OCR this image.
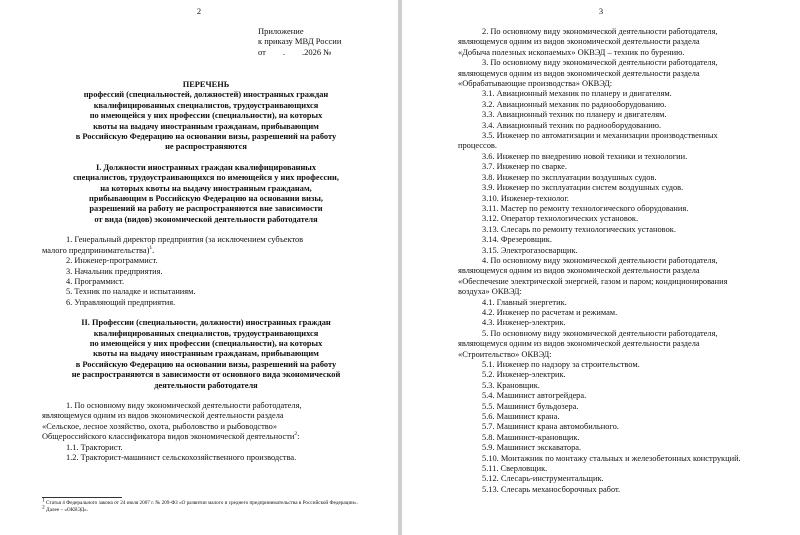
2
Приложение
к приказу МВД России
от        .        .2026 №
ПЕРЕЧЕНЬ
профессий (специальностей, должностей) иностранных граждан
квалифицированных специалистов, трудоустраивающихся
по имеющейся у них профессии (специальности), на которых
квоты на выдачу иностранным гражданам, прибывающим
в Российскую Федерацию на основании визы, разрешений на работу
не распространяются
I. Должности иностранных граждан квалифицированных
специалистов, трудоустраивающихся по имеющейся у них профессии,
на которых квоты на выдачу иностранным гражданам,
прибывающим в Российскую Федерацию на основании визы,
разрешений на работу не распространяются вне зависимости
от вида (видов) экономической деятельности работодателя
1. Генеральный директор предприятия (за исключением субъектов
малого предпринимательства)$^1$.
2. Инженер-программист.
3. Начальник предприятия.
4. Программист.
5. Техник по наладке и испытаниям.
6. Управляющий предприятия.
II. Профессии (специальности, должности) иностранных граждан
квалифицированных специалистов, трудоустраивающихся
по имеющейся у них профессии (специальности), на которых
квоты на выдачу иностранным гражданам, прибывающим
в Российскую Федерацию на основании визы, разрешений на работу
не распространяются в зависимости от основного вида экономической
деятельности работодателя
1. По основному виду экономической деятельности работодателя,
являющемуся одним из видов экономической деятельности раздела
«Сельское, лесное хозяйство, охота, рыболовство и рыбоводство»
Общероссийского классификатора видов экономической деятельности$^2$:
1.1. Тракторист.
1.2. Тракторист-машинист сельскохозяйственного производства.
1 Статья 4 Федерального закона от 24 июля 2007 г. № 209-ФЗ «О развитии малого и среднего предпринимательства в Российской Федерации».
2 Далее – «ОКВЭД».
3
2. По основному виду экономической деятельности работодателя,
являющемуся одним из видов экономической деятельности раздела
«Добыча полезных ископаемых» ОКВЭД – техник по бурению.
3. По основному виду экономической деятельности работодателя,
являющемуся одним из видов экономической деятельности раздела
«Обрабатывающие производства» ОКВЭД:
3.1. Авиационный механик по планеру и двигателям.
3.2. Авиационный механик по радиооборудованию.
3.3. Авиационный техник по планеру и двигателям.
3.4. Авиационный техник по радиооборудованию.
3.5. Инженер по автоматизации и механизации производственных
процессов.
3.6. Инженер по внедрению новой техники и технологии.
3.7. Инженер по сварке.
3.8. Инженер по эксплуатации воздушных судов.
3.9. Инженер по эксплуатации систем воздушных судов.
3.10. Инженер-технолог.
3.11. Мастер по ремонту технологического оборудования.
3.12. Оператор технологических установок.
3.13. Слесарь по ремонту технологических установок.
3.14. Фрезеровщик.
3.15. Электрогазосварщик.
4. По основному виду экономической деятельности работодателя,
являющемуся одним из видов экономической деятельности раздела
«Обеспечение электрической энергией, газом и паром; кондиционирования
воздуха» ОКВЭД:
4.1. Главный энергетик.
4.2. Инженер по расчетам и режимам.
4.3. Инженер-электрик.
5. По основному виду экономической деятельности работодателя,
являющемуся одним из видов экономической деятельности раздела
«Строительство» ОКВЭД:
5.1. Инженер по надзору за строительством.
5.2. Инженер-электрик.
5.3. Крановщик.
5.4. Машинист автогрейдера.
5.5. Машинист бульдозера.
5.6. Машинист крана.
5.7. Машинист крана автомобильного.
5.8. Машинист-крановщик.
5.9. Машинист экскаватора.
5.10. Монтажник по монтажу стальных и железобетонных конструкций.
5.11. Сверловщик.
5.12. Слесарь-инструментальщик.
5.13. Слесарь механосборочных работ.
